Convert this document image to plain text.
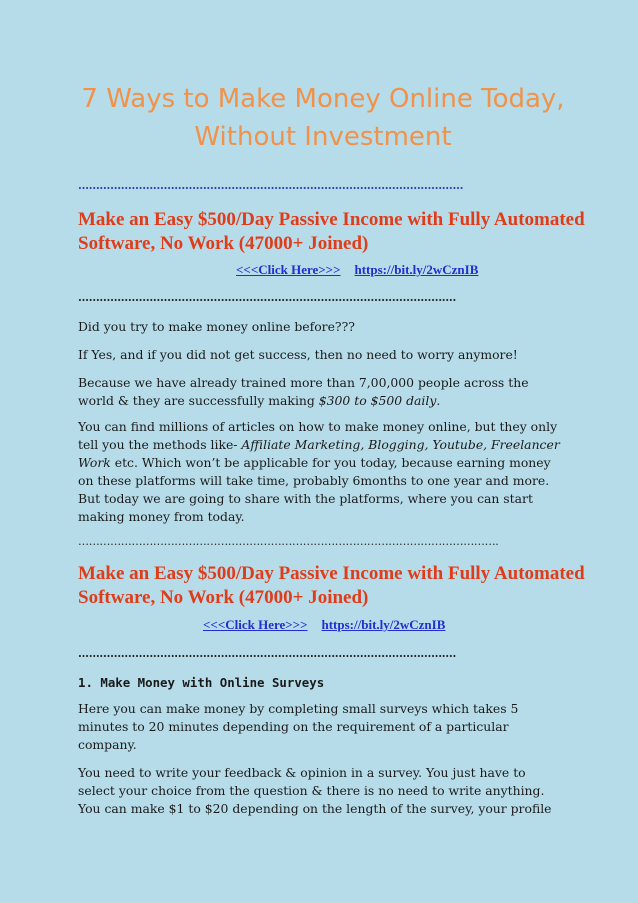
7 Ways to Make Money Online Today,
Without Investment
………………………………………………………………………………………………
Make an Easy $500/Day Passive Income with Fully Automated
Software, No Work (47000+ Joined)
<<<Click Here>>> https://bit.ly/2wCznIB
…………………………………………………………………………………………….
Did you try to make money online before???
If Yes, and if you did not get success, then no need to worry anymore!
Because we have already trained more than 7,00,000 people across the
world & they are successfully making $300 to $500 daily.
You can find millions of articles on how to make money online, but they only
tell you the methods like- Affiliate Marketing, Blogging, Youtube, Freelancer
Work etc. Which won’t be applicable for you today, because earning money
on these platforms will take time, probably 6months to one year and more.
But today we are going to share with the platforms, where you can start
making money from today.
……………………………………………………………………………………………………….
Make an Easy $500/Day Passive Income with Fully Automated
Software, No Work (47000+ Joined)
<<<Click Here>>> https://bit.ly/2wCznIB
…………………………………………………………………………………………….
1. Make Money with Online Surveys
Here you can make money by completing small surveys which takes 5
minutes to 20 minutes depending on the requirement of a particular
company.
You need to write your feedback & opinion in a survey. You just have to
select your choice from the question & there is no need to write anything.
You can make $1 to $20 depending on the length of the survey, your profile
